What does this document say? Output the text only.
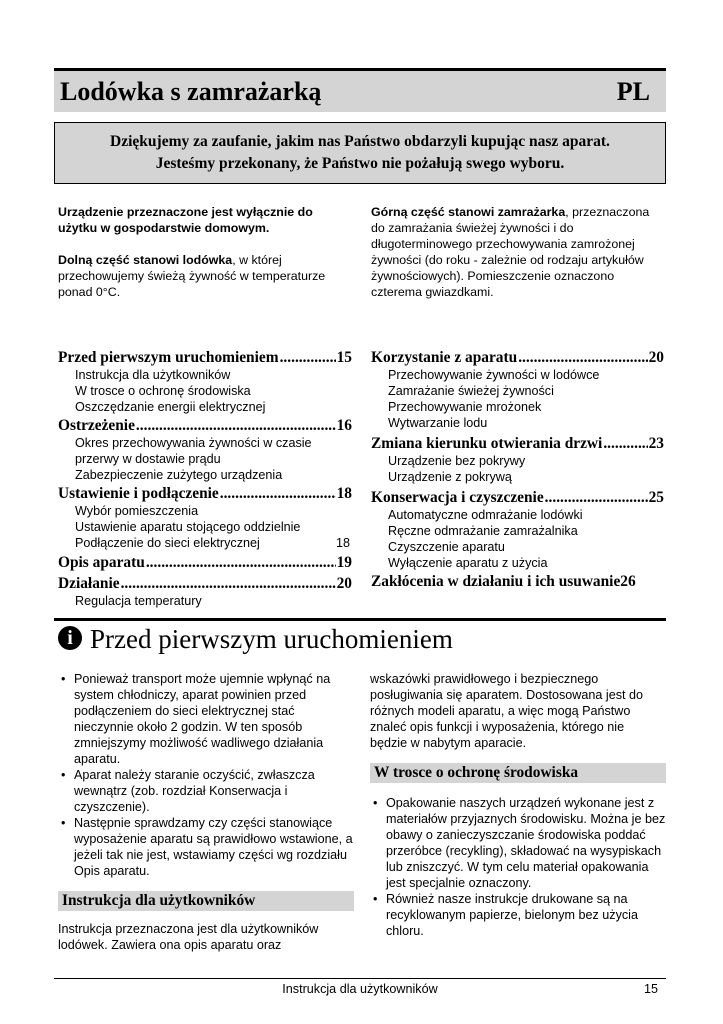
Lodówka s zamrażarką	PL
Dziękujemy za zaufanie, jakim nas Państwo obdarzyli kupując nasz aparat.
Jesteśmy przekonany, że Państwo nie pożałują swego wyboru.

Urządzenie przeznaczone jest wyłącznie do użytku w gospodarstwie domowym.

Dolną część stanowi lodówka, w której przechowujemy świeżą żywność w temperaturze ponad 0°C.

Górną część stanowi zamrażarka, przeznaczona do zamrażania świeżej żywności i do długoterminowego przechowywania zamrożonej żywności (do roku - zależnie od rodzaju artykułów żywnościowych). Pomieszczenie oznaczono czterema gwiazdkami.

Przed pierwszym uruchomieniem .....	15
Instrukcja dla użytkowników
W trosce o ochronę środowiska
Oszczędzanie energii elektrycznej
Ostrzeżenie .....	16
Okres przechowywania żywności w czasie
przerwy w dostawie prądu
Zabezpieczenie zużytego urządzenia
Ustawienie i podłączenie .....	18
Wybór pomieszczenia
Ustawienie aparatu stojącego oddzielnie
Podłączenie do sieci elektrycznej	18
Opis aparatu .....	19
Działanie .....	20
Regulacja temperatury
Korzystanie z aparatu .....	20
Przechowywanie żywności w lodówce
Zamrażanie świeżej żywności
Przechowywanie mrożonek
Wytwarzanie lodu
Zmiana kierunku otwierania drzwi .....	23
Urządzenie bez pokrywy
Urządzenie z pokrywą
Konserwacja i czyszczenie .....	25
Automatyczne odmrażanie lodówki
Ręczne odmrażanie zamrażalnika
Czyszczenie aparatu
Wyłączenie aparatu z użycia
Zakłócenia w działaniu i ich usuwanie26
i Przed pierwszym uruchomieniem
• Ponieważ transport może ujemnie wpłynąć na system chłodniczy, aparat powinien przed podłączeniem do sieci elektrycznej stać nieczynnie około 2 godzin. W ten sposób zmniejszymy możliwość wadliwego działania aparatu.
• Aparat należy staranie oczyścić, zwłaszcza wewnątrz (zob. rozdział Konserwacja i czyszczenie).
• Następnie sprawdzamy czy części stanowiące wyposażenie aparatu są prawidłowo wstawione, a jeżeli tak nie jest, wstawiamy części wg rozdziału Opis aparatu.
Instrukcja dla użytkowników
Instrukcja przeznaczona jest dla użytkowników lodówek. Zawiera ona opis aparatu oraz
wskazówki prawidłowego i bezpiecznego posługiwania się aparatem. Dostosowana jest do różnych modeli aparatu, a więc mogą Państwo znaleć opis funkcji i wyposażenia, którego nie będzie w nabytym aparacie.
W trosce o ochronę środowiska
• Opakowanie naszych urządzeń wykonane jest z materiałów przyjaznych środowisku. Można je bez obawy o zanieczyszczanie środowiska poddać przeróbce (recykling), składować na wysypiskach lub zniszczyć. W tym celu materiał opakowania jest specjalnie oznaczony.
• Również nasze instrukcje drukowane są na recyklowanym papierze, bielonym bez użycia chloru.
Instrukcja dla użytkowników	15
